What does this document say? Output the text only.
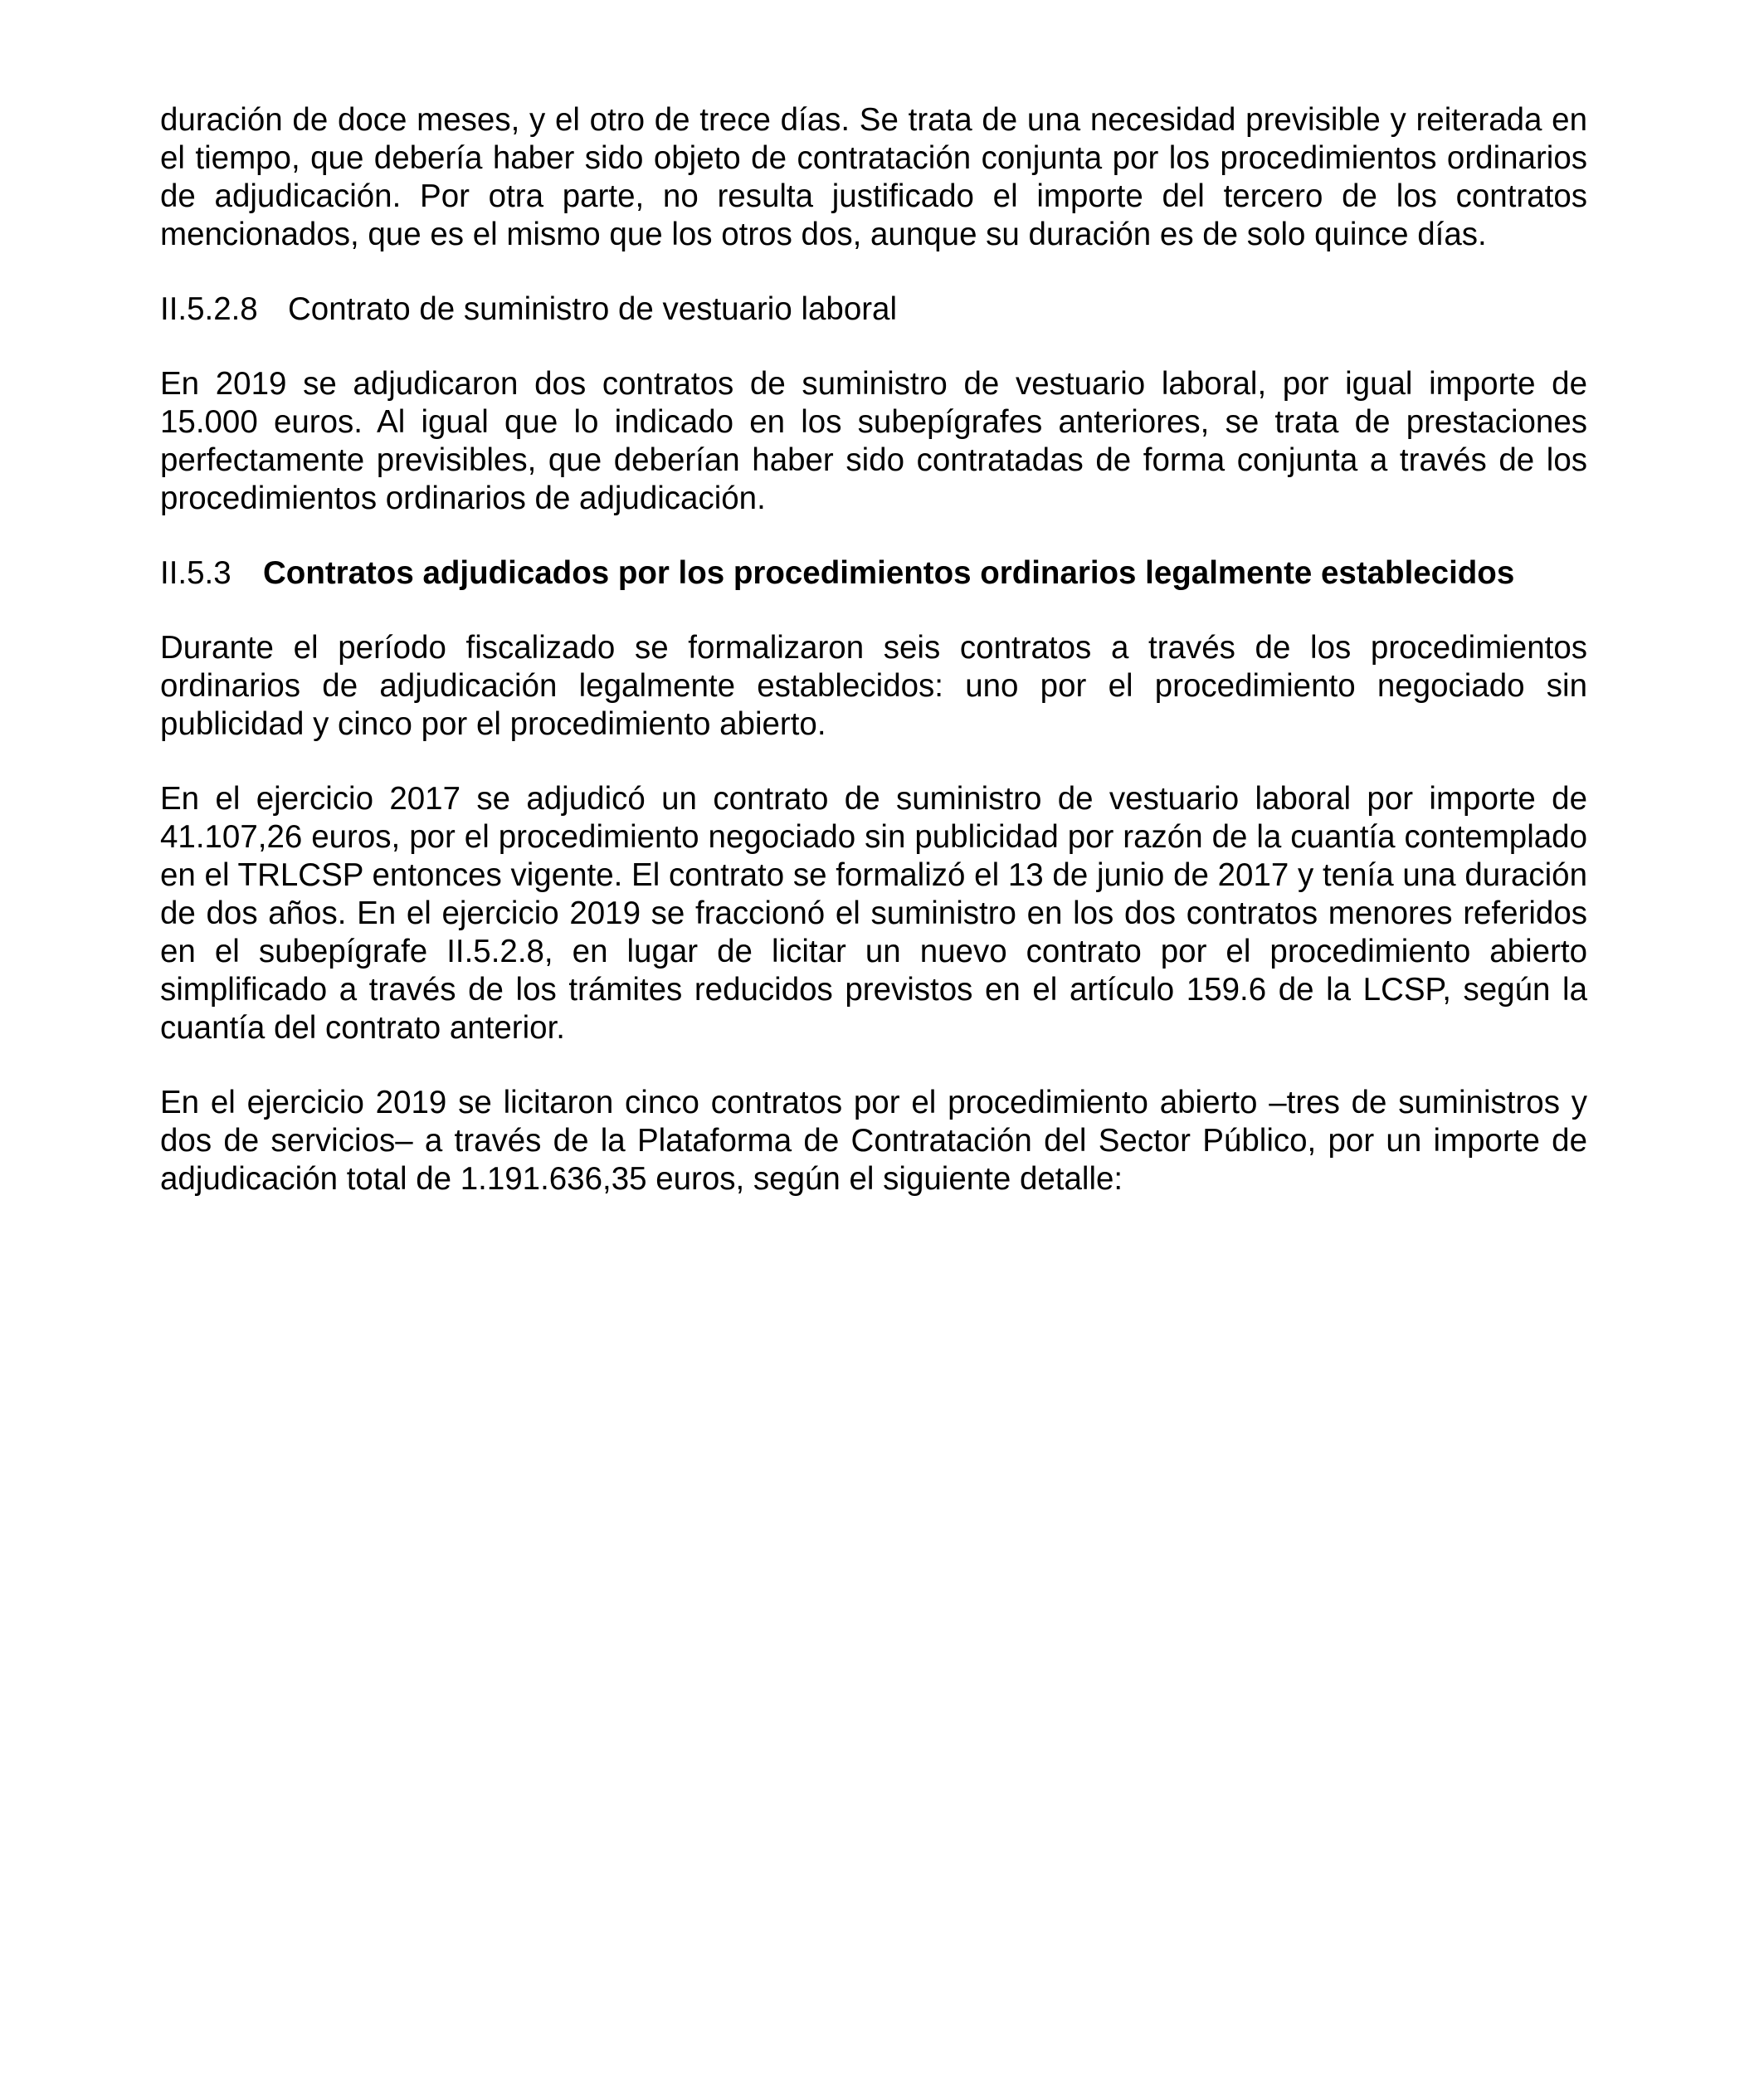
duración de doce meses, y el otro de trece días. Se trata de una necesidad previsible y reiterada en el tiempo, que debería haber sido objeto de contratación conjunta por los procedimientos ordinarios de adjudicación. Por otra parte, no resulta justificado el importe del tercero de los contratos mencionados, que es el mismo que los otros dos, aunque su duración es de solo quince días.

II.5.2.8 Contrato de suministro de vestuario laboral

En 2019 se adjudicaron dos contratos de suministro de vestuario laboral, por igual importe de 15.000 euros. Al igual que lo indicado en los subepígrafes anteriores, se trata de prestaciones perfectamente previsibles, que deberían haber sido contratadas de forma conjunta a través de los procedimientos ordinarios de adjudicación.

II.5.3 Contratos adjudicados por los procedimientos ordinarios legalmente establecidos

Durante el período fiscalizado se formalizaron seis contratos a través de los procedimientos ordinarios de adjudicación legalmente establecidos: uno por el procedimiento negociado sin publicidad y cinco por el procedimiento abierto.

En el ejercicio 2017 se adjudicó un contrato de suministro de vestuario laboral por importe de 41.107,26 euros, por el procedimiento negociado sin publicidad por razón de la cuantía contemplado en el TRLCSP entonces vigente. El contrato se formalizó el 13 de junio de 2017 y tenía una duración de dos años. En el ejercicio 2019 se fraccionó el suministro en los dos contratos menores referidos en el subepígrafe II.5.2.8, en lugar de licitar un nuevo contrato por el procedimiento abierto simplificado a través de los trámites reducidos previstos en el artículo 159.6 de la LCSP, según la cuantía del contrato anterior.

En el ejercicio 2019 se licitaron cinco contratos por el procedimiento abierto –tres de suministros y dos de servicios– a través de la Plataforma de Contratación del Sector Público, por un importe de adjudicación total de 1.191.636,35 euros, según el siguiente detalle:
